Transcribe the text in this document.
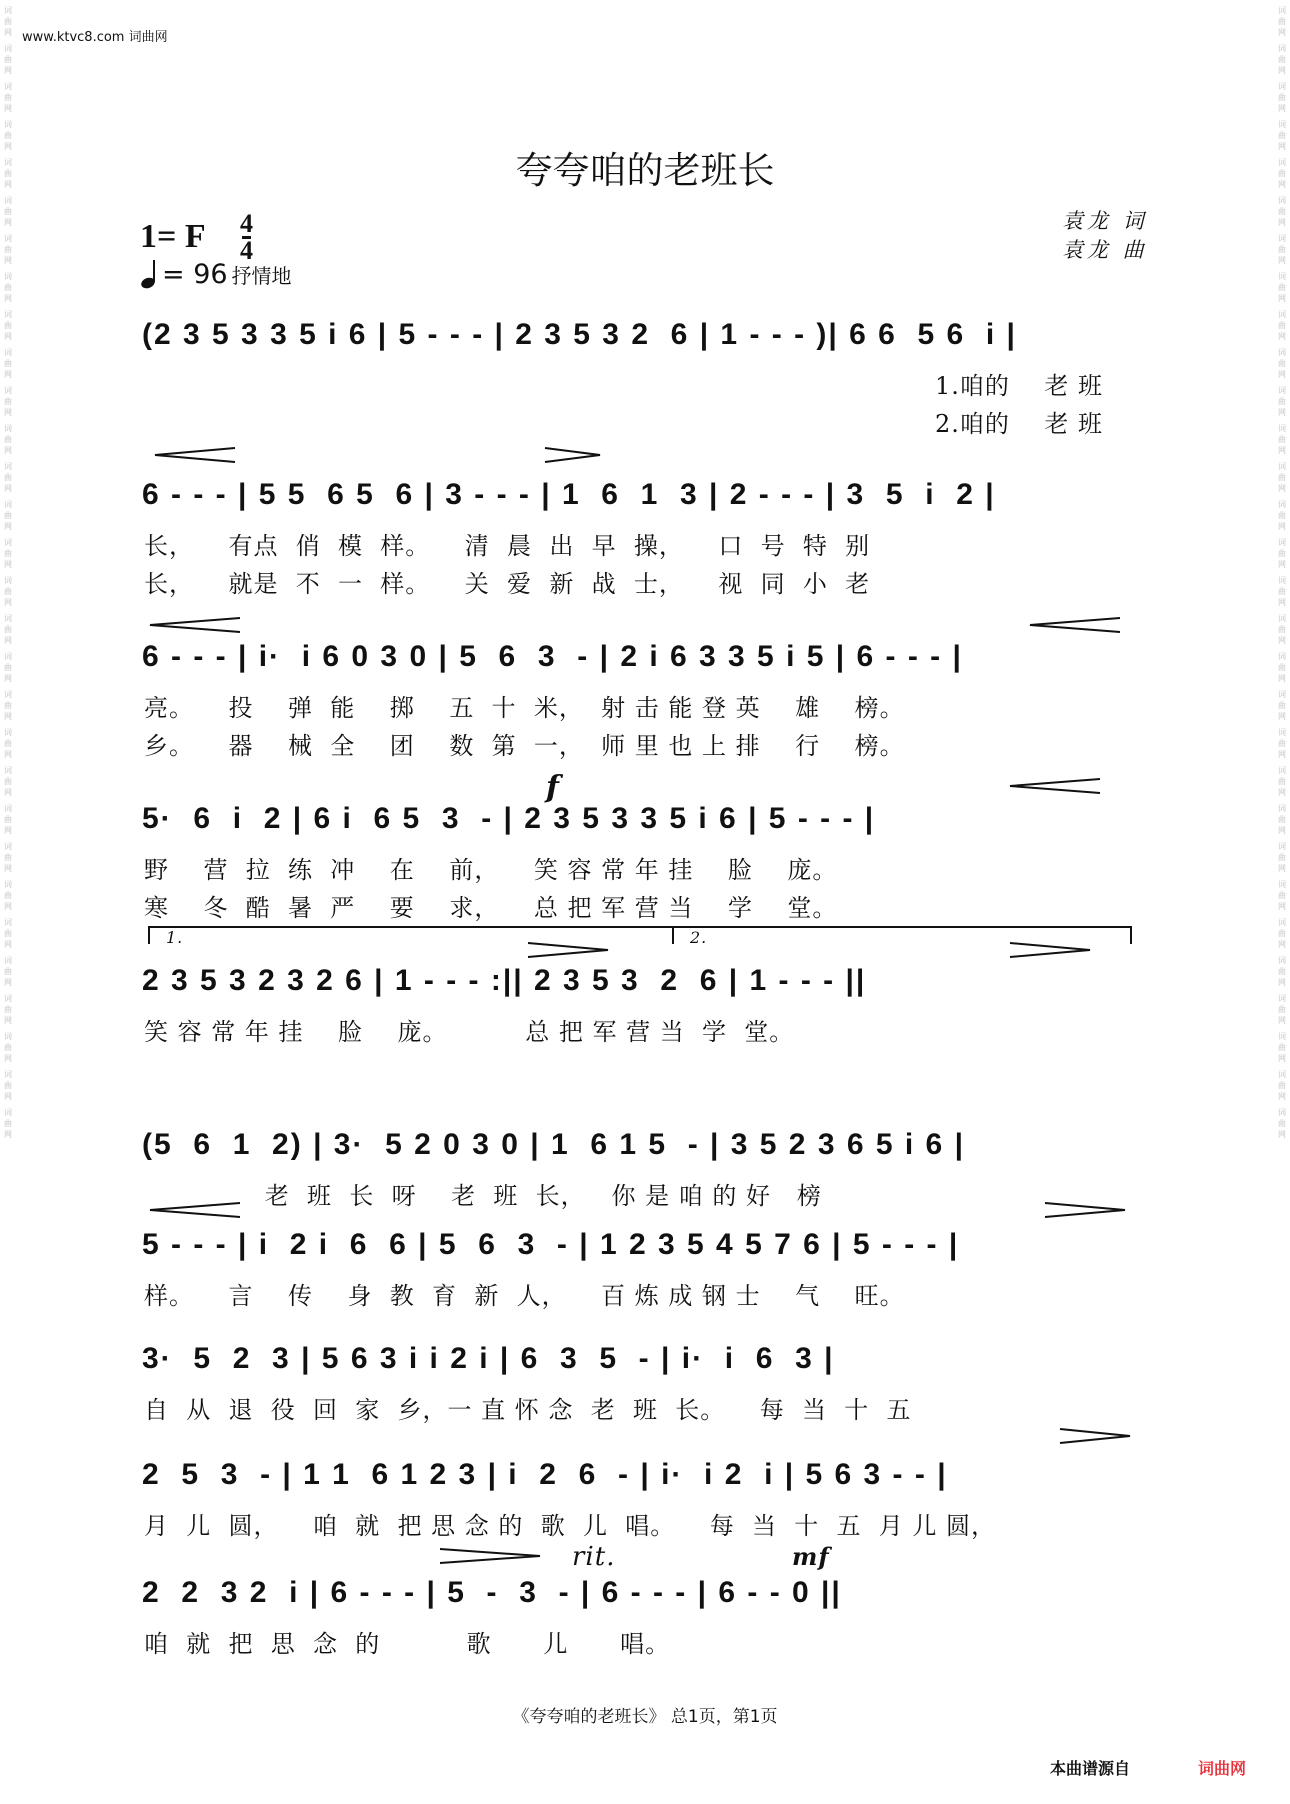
词
曲
网
词
曲
网
词
曲
网
词
曲
网
词
曲
网
词
曲
网
词
曲
网
词
曲
网
词
曲
网
词
曲
网
词
曲
网
词
曲
网
词
曲
网
词
曲
网
词
曲
网
词
曲
网
词
曲
网
词
曲
网
词
曲
网
词
曲
网
词
曲
网
词
曲
网
词
曲
网
词
曲
网
词
曲
网
词
曲
网
词
曲
网
词
曲
网
词
曲
网
词
曲
网
词
曲
网
词
曲
网
词
曲
网
词
曲
网
词
曲
网
词
曲
网
词
曲
网
词
曲
网
词
曲
网
词
曲
网
词
曲
网
词
曲
网
词
曲
网
词
曲
网
词
曲
网
词
曲
网
词
曲
网
词
曲
网
词
曲
网
词
曲
网
词
曲
网
词
曲
网
词
曲
网
词
曲
网
词
曲
网
词
曲
网
词
曲
网
词
曲
网
词
曲
网
词
曲
网
www.ktvc8.com 词曲网
夸夸咱的老班长
袁龙 词
袁龙 曲
1= F 4
4
= 96 抒情地
(2 3 5 3 3 5 i 6 | 5 - - - | 2 3 5 3 2  6 | 1 - - - )| 6 6  5 6  i |
1.咱的    老 班
2.咱的    老 班
6 - - - | 5 5  6 5  6 | 3 - - - | 1  6  1  3 | 2 - - - | 3  5  i  2 |
长，    有点  俏  模  样。    清  晨  出  早  操，    口  号  特  别
长，    就是  不  一  样。    关  爱  新  战  士，    视  同  小  老
6 - - - | i·  i 6 0 3 0 | 5  6  3  - | 2 i 6 3 3 5 i 5 | 6 - - - |
亮。    投    弹  能    掷    五  十  米，  射 击 能 登 英    雄    榜。
乡。    器    械  全    团    数  第  一，  师 里 也 上 排    行    榜。
5·  6  i  2 | 6 i  6 5  3  - | 2 3 5 3 3 5 i 6 | 5 - - - |
野    营  拉  练  冲    在    前，    笑 容 常 年 挂    脸    庞。
寒    冬  酷  暑  严    要    求，    总 把 军 营 当    学    堂。
2 3 5 3 2 3 2 6 | 1 - - - :|| 2 3 5 3  2  6 | 1 - - - ||
笑 容 常 年 挂    脸    庞。         总 把 军 营 当  学  堂。
1.	2.
(5  6  1  2) | 3·  5 2 0 3 0 | 1  6 1 5  - | 3 5 2 3 6 5 i 6 |
老  班  长  呀    老  班  长，   你 是 咱 的 好   榜
5 - - - | i  2 i  6  6 | 5  6  3  - | 1 2 3 5 4 5 7 6 | 5 - - - |
样。    言    传    身  教  育  新  人，    百 炼 成 钢 士    气    旺。
3·  5  2  3 | 5 6 3 i i 2 i | 6  3  5  - | i·  i  6  3 |
自  从  退  役  回  家  乡，一 直 怀 念  老  班  长。    每  当  十  五
2  5  3  - | 1 1  6 1 2 3 | i  2  6  - | i·  i 2  i | 5 6 3 - - |
月  儿  圆，    咱  就  把 思 念 的  歌  儿  唱。    每  当  十  五  月 儿 圆，
2  2  3 2  i | 6 - - - | 5  -  3  - | 6 - - - | 6 - - 0 ||
咱  就  把  思  念  的          歌      儿      唱。
rit.	mf
f
《夸夸咱的老班长》 总1页，第1页
本曲谱源自	词曲网
